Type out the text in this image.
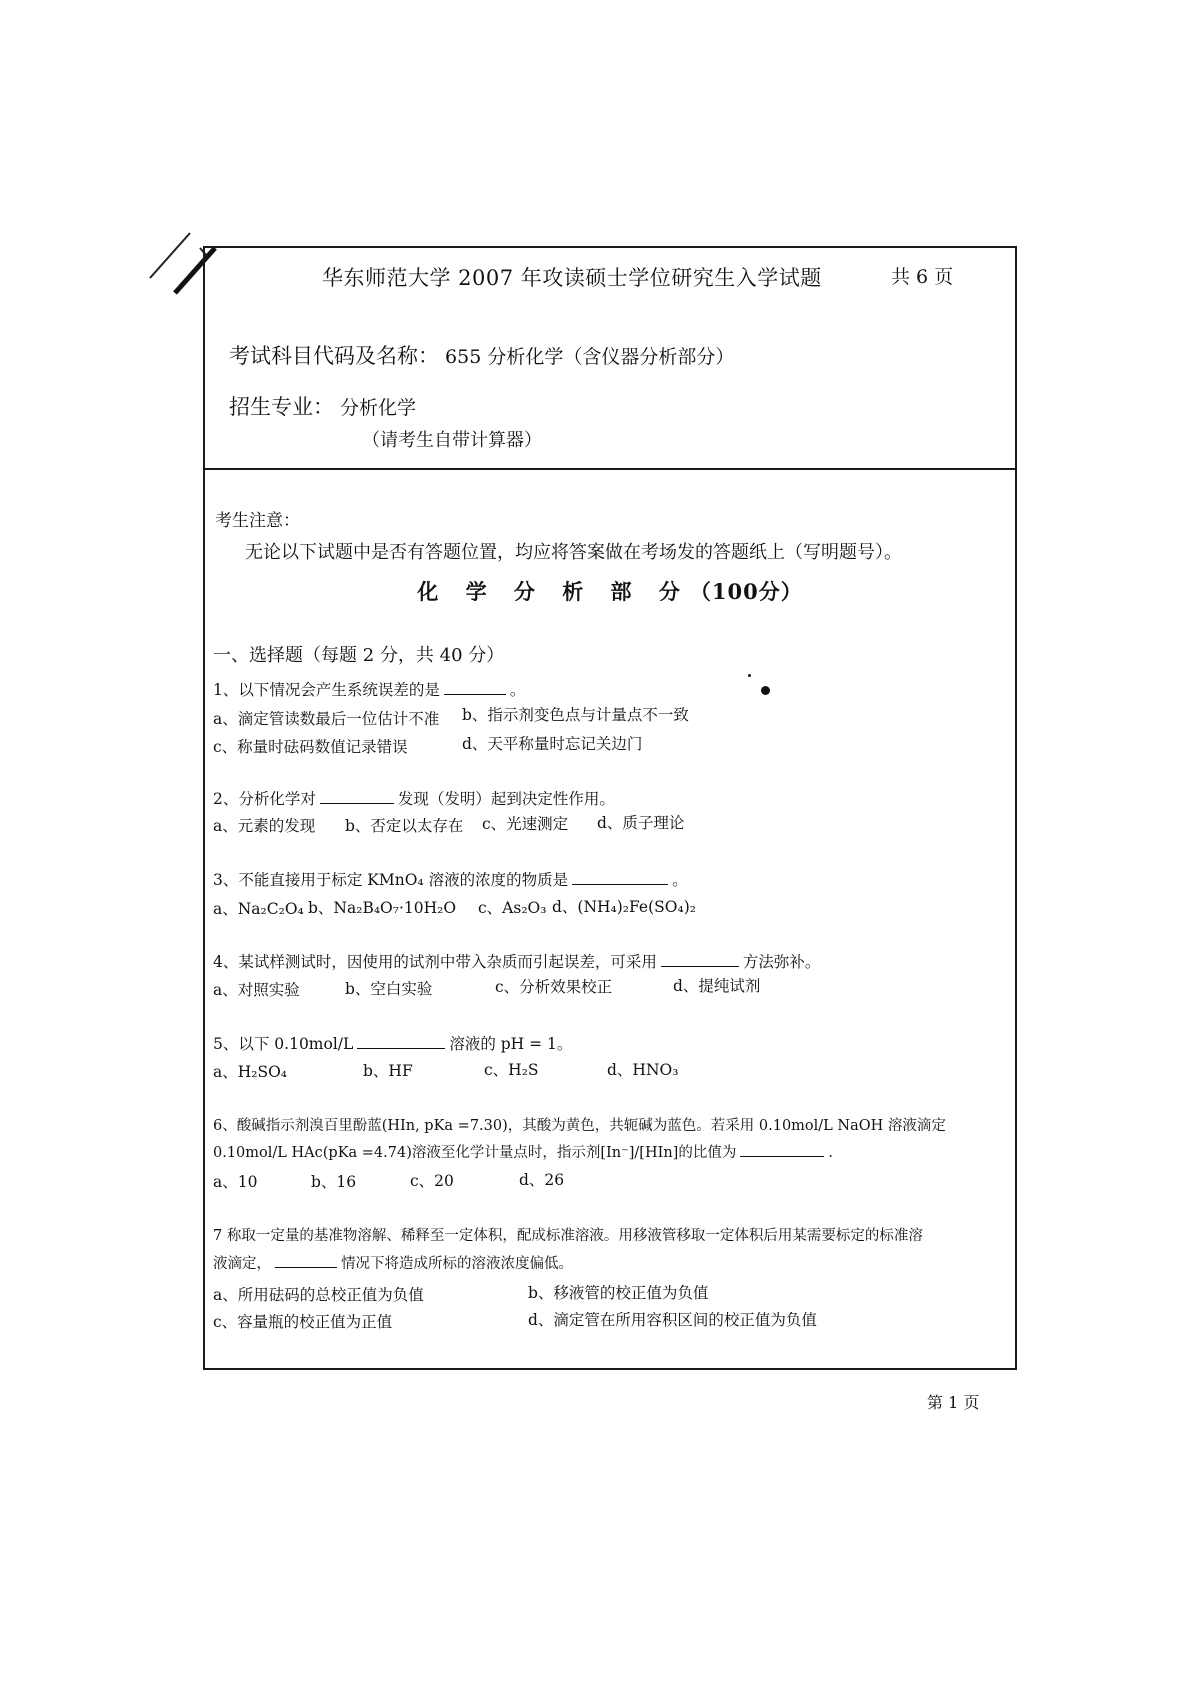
华东师范大学 2007 年攻读硕士学位研究生入学试题	共 6 页
考试科目代码及名称： 655 分析化学（含仪器分析部分）
招生专业： 分析化学
（请考生自带计算器）
考生注意：
无论以下试题中是否有答题位置，均应将答案做在考场发的答题纸上（写明题号）。
化 学 分 析 部 分（100分）
一、选择题（每题 2 分，共 40 分）
1、以下情况会产生系统误差的是	。
a、滴定管读数最后一位估计不准 b、指示剂变色点与计量点不一致
c、称量时砝码数值记录错误	d、天平称量时忘记关边门
2、分析化学对	发现（发明）起到决定性作用。
a、元素的发现 b、否定以太存在 c、光速测定 d、质子理论
3、不能直接用于标定 KMnO₄ 溶液的浓度的物质是	。
a、Na₂C₂O₄ b、Na₂B₄O₇·10H₂O c、As₂O₃ d、(NH₄)₂Fe(SO₄)₂
4、某试样测试时，因使用的试剂中带入杂质而引起误差，可采用	方法弥补。
a、对照实验	b、空白实验	c、分析效果校正	d、提纯试剂
5、以下 0.10mol/L	溶液的 pH = 1。
a、H₂SO₄	b、HF	c、H₂S	d、HNO₃
6、酸碱指示剂溴百里酚蓝(HIn, pKa =7.30)，其酸为黄色，共轭碱为蓝色。若采用 0.10mol/L NaOH 溶液滴定
0.10mol/L HAc(pKa =4.74)溶液至化学计量点时，指示剂[In⁻]/[HIn]的比值为	.
a、10	b、16	c、20	d、26
7 称取一定量的基准物溶解、稀释至一定体积，配成标准溶液。用移液管移取一定体积后用某需要标定的标准溶
液滴定，	情况下将造成所标的溶液浓度偏低。
a、所用砝码的总校正值为负值	b、移液管的校正值为负值
c、容量瓶的校正值为正值	d、滴定管在所用容积区间的校正值为负值
第 1 页
